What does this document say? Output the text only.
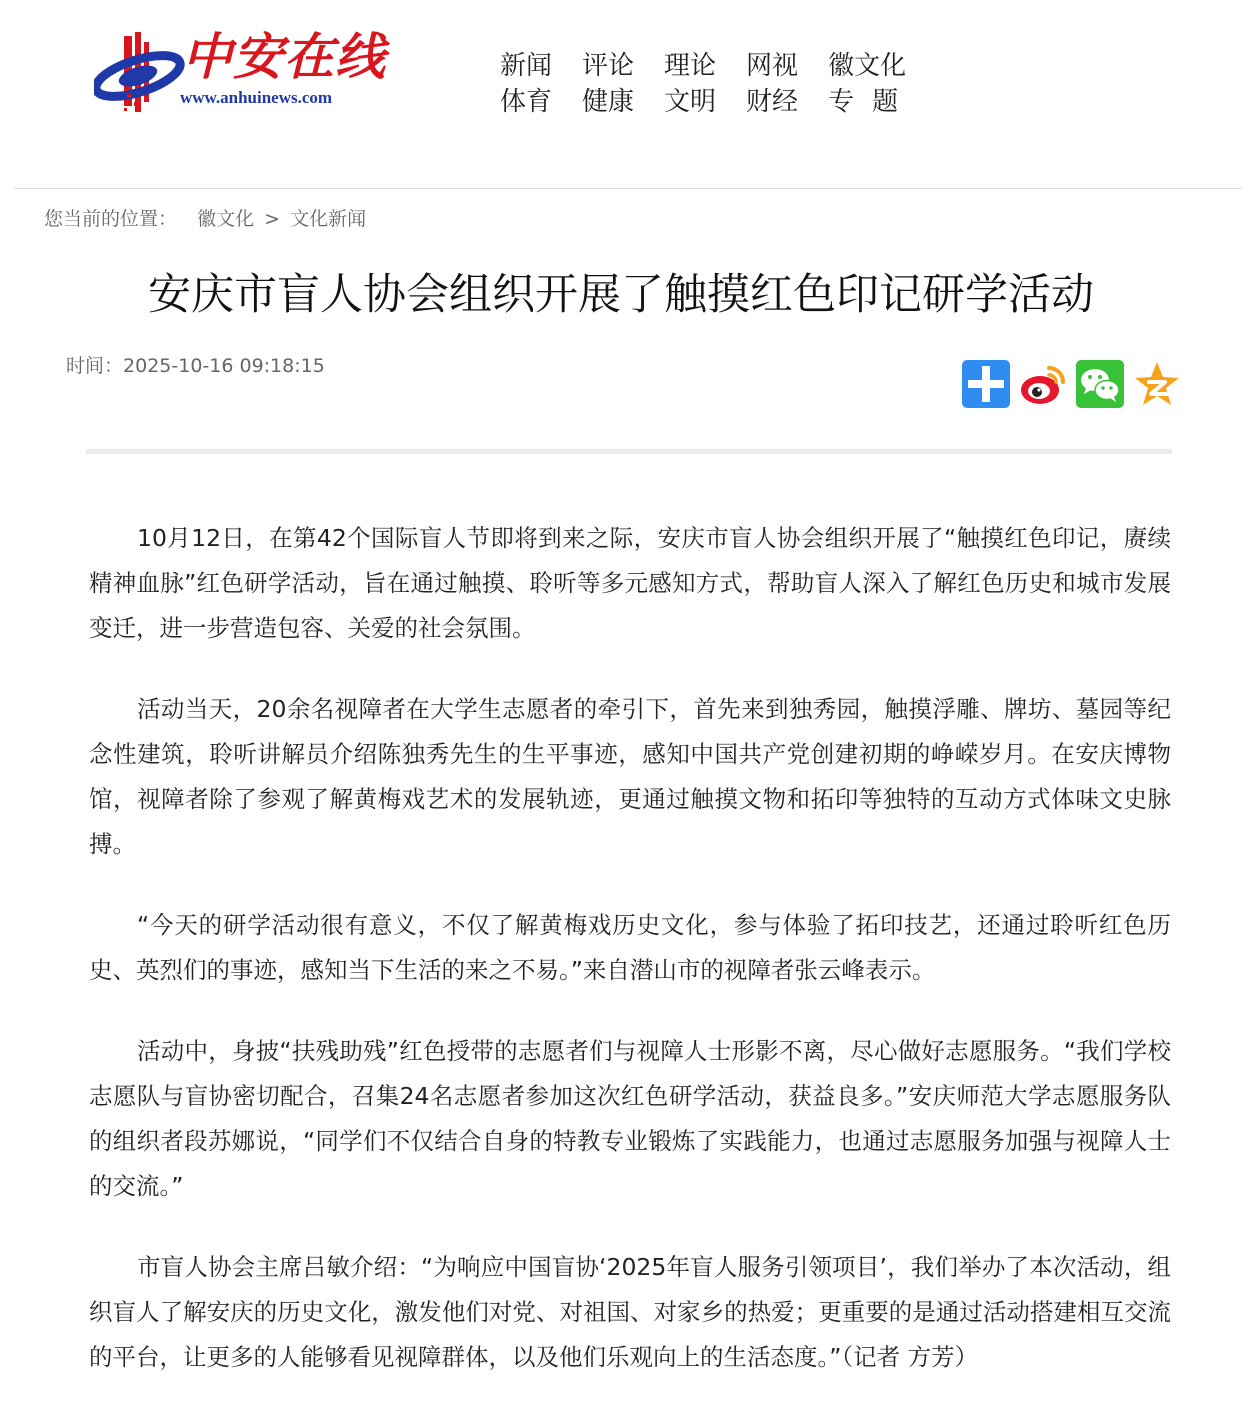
中安在线
www.anhuinews.com
新闻 评论 理论 网视 徽文化
体育 健康 文明 财经 专题
您当前的位置： 徽文化 > 文化新闻
安庆市盲人协会组织开展了触摸红色印记研学活动
时间：2025-10-16 09:18:15

10月12日，在第42个国际盲人节即将到来之际，安庆市盲人协会组织开展了“触摸红色印记，赓续精神血脉”红色研学活动，旨在通过触摸、聆听等多元感知方式，帮助盲人深入了解红色历史和城市发展变迁，进一步营造包容、关爱的社会氛围。

活动当天，20余名视障者在大学生志愿者的牵引下，首先来到独秀园，触摸浮雕、牌坊、墓园等纪念性建筑，聆听讲解员介绍陈独秀先生的生平事迹，感知中国共产党创建初期的峥嵘岁月。在安庆博物馆，视障者除了参观了解黄梅戏艺术的发展轨迹，更通过触摸文物和拓印等独特的互动方式体味文史脉搏。

“今天的研学活动很有意义，不仅了解黄梅戏历史文化，参与体验了拓印技艺，还通过聆听红色历史、英烈们的事迹，感知当下生活的来之不易。”来自潜山市的视障者张云峰表示。

活动中，身披“扶残助残”红色授带的志愿者们与视障人士形影不离，尽心做好志愿服务。“我们学校志愿队与盲协密切配合，召集24名志愿者参加这次红色研学活动，获益良多。”安庆师范大学志愿服务队的组织者段苏娜说，“同学们不仅结合自身的特教专业锻炼了实践能力，也通过志愿服务加强与视障人士的交流。”

市盲人协会主席吕敏介绍：“为响应中国盲协‘2025年盲人服务引领项目’，我们举办了本次活动，组织盲人了解安庆的历史文化，激发他们对党、对祖国、对家乡的热爱；更重要的是通过活动搭建相互交流的平台，让更多的人能够看见视障群体，以及他们乐观向上的生活态度。”（记者 方芳）
